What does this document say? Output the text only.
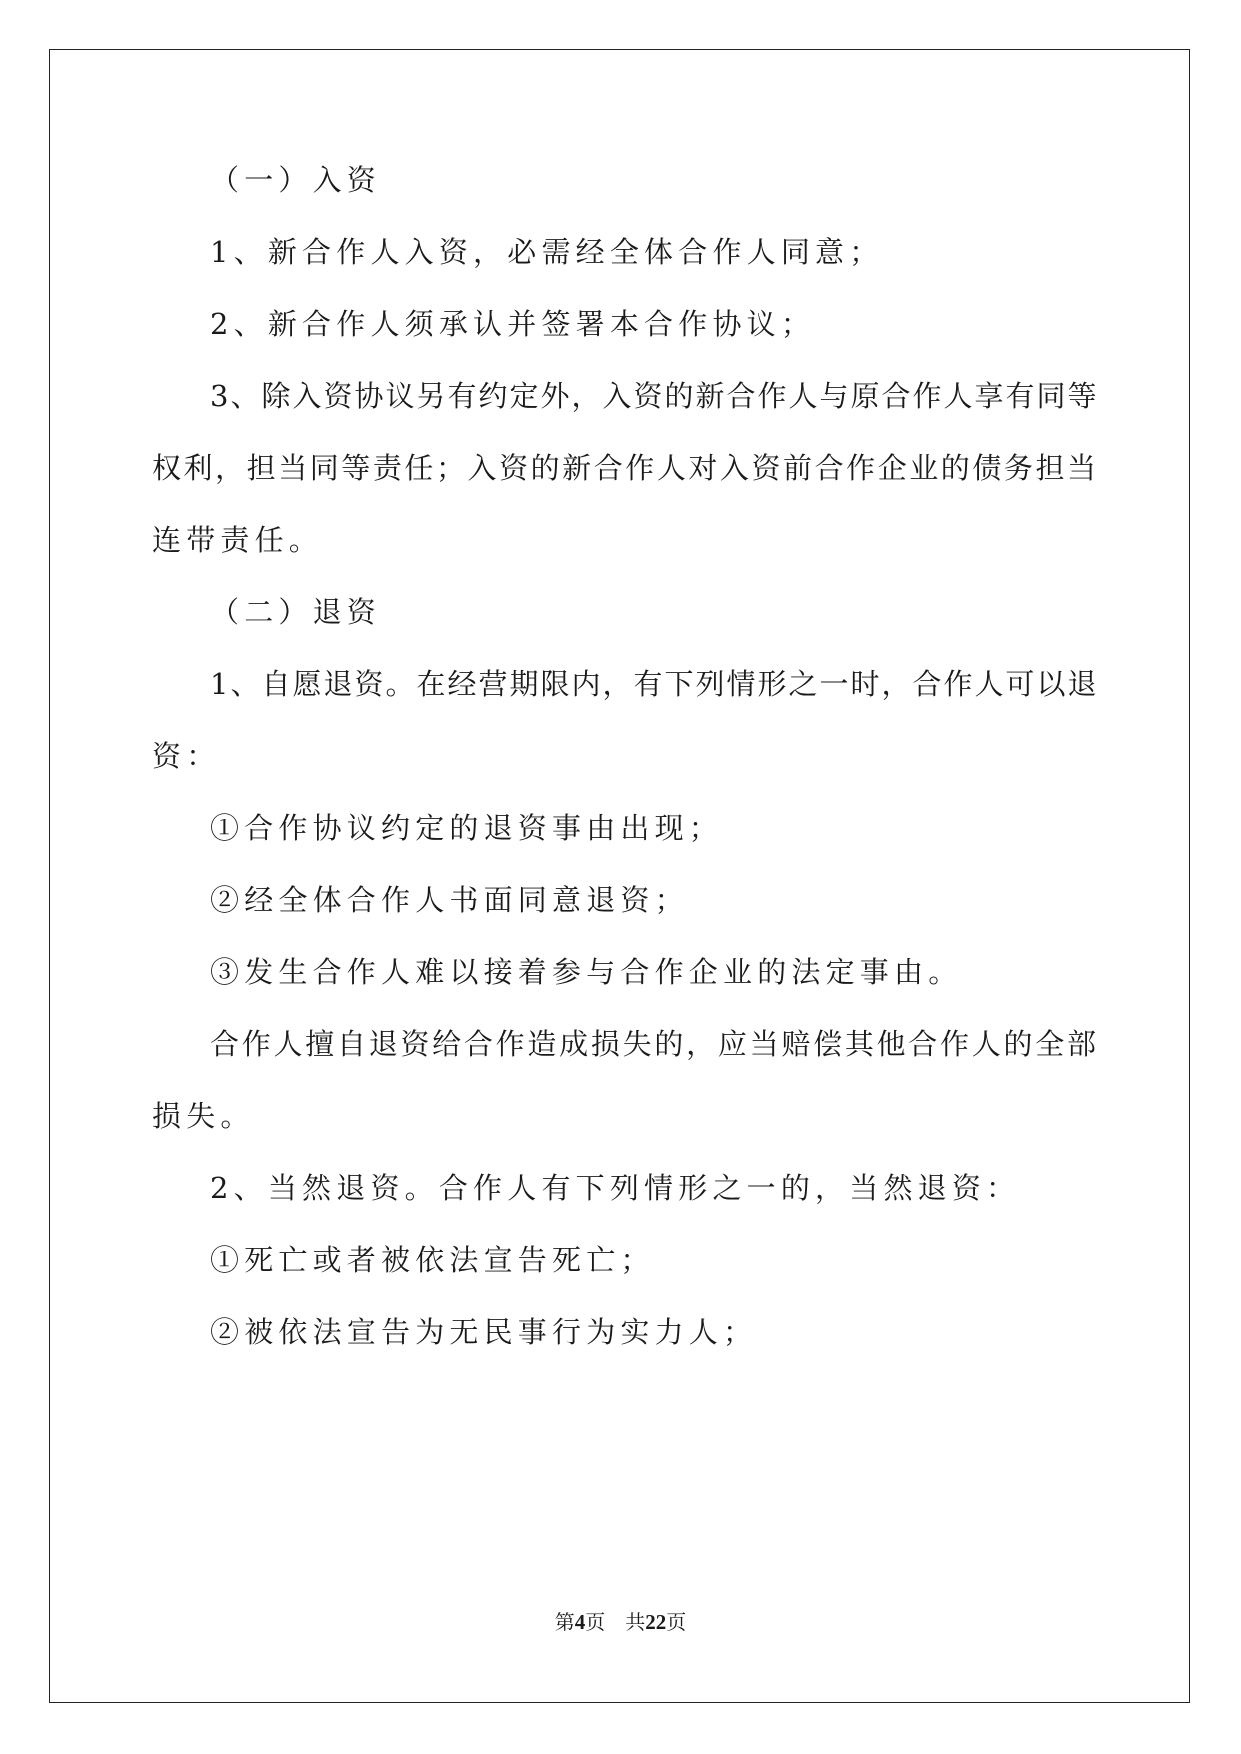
（一）入资
1、新合作人入资，必需经全体合作人同意；
2、新合作人须承认并签署本合作协议；
3、除入资协议另有约定外，入资的新合作人与原合作人享有同等
权利，担当同等责任；入资的新合作人对入资前合作企业的债务担当
连带责任。
（二）退资
1、自愿退资。在经营期限内，有下列情形之一时，合作人可以退
资：
①合作协议约定的退资事由出现；
②经全体合作人书面同意退资；
③发生合作人难以接着参与合作企业的法定事由。
合作人擅自退资给合作造成损失的，应当赔偿其他合作人的全部
损失。
2、当然退资。合作人有下列情形之一的，当然退资：
①死亡或者被依法宣告死亡；
②被依法宣告为无民事行为实力人；
第4页 共22页
